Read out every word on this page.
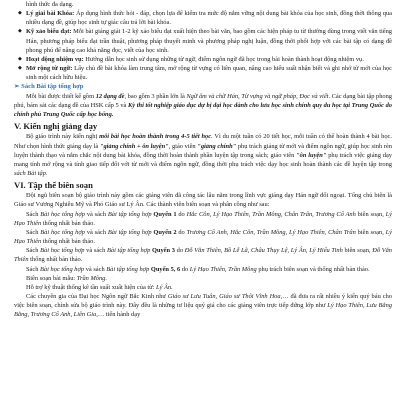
hình thức đa dạng.

◆ Lý giải bài Khóa: Áp dụng hình thức hỏi - đáp, chọn lựa để kiểm tra mức độ nắm vững nội dung bài khóa của học sinh, đồng thời thông qua nhiều dạng đề, giúp học sinh tự giác câu trả lời bài khóa.

◆ Kỹ xảo biểu đạt: Mỗi bài giảng giải 1-2 kỹ xảo biểu đạt xuất hiện theo bài văn, bao gồm các hiện pháp tu từ thường dùng trong viết văn tiếng Hán, phương pháp biểu đạt trần thuật, phương pháp thuyết minh và phương pháp nghị luận, đồng thời phối hợp với các bài tập có dạng đề phong phú để nâng cao khả năng đọc, viết của học sinh.

◆ Hoạt động nhiệm vụ: Hướng dẫn học sinh sử dụng những từ ngữ, điểm ngôn ngữ đã học trong bài hoàn thành hoạt động nhiệm vụ.

◆ Mở rộng từ ngữ: Lấy chủ đề bài khóa làm trung tâm, mở rộng từ vựng có liên quan, nâng cao hiểu suất nhận biết và ghi nhớ từ mới của học sinh một cách hữu hiệu.

➢ Sách Bài tập tổng hợp

Mỗi bài được thiết kế gồm 12 dạng đề, bao gồm 3 phần lớn là Ngữ âm và chữ Hán, Từ vựng và ngữ pháp, Đọc và viết. Các dạng bài tập phong phú, bám sát các dạng đề của HSK cấp 5 và Kỳ thi tốt nghiệp giáo dục dự bị đại học dành cho lưu học sinh chính quy du học tại Trung Quốc do chính phủ Trung Quốc cấp học bổng.

V. Kiến nghị giảng dạy

Bộ giáo trình này kiến nghị mỗi bài học hoàn thành trong 4-5 tiết học. Vì du một tuần có 20 tiết học, mỗi tuần có thể hoàn thành 4 bài học. Như chọn hình thức giảng dạy là "giảng chính + ôn luyện", giáo viên "giảng chính" phụ trách giảng từ mới và điểm ngôn ngữ, giúp học sinh rèn luyện thành thạo và nắm chắc nội dung bài khóa, đồng thời hoàn thành phần luyện tập trong sách; giáo viên "ôn luyện" phụ trách việc giảng dạy mang tính mở rộng và tính giao tiếp đối với từ mới và điểm ngôn ngữ, đồng thời phụ trách việc dạy học sinh hoàn thành các đề luyện tập trong sách Bài tập.

VI. Tập thể biên soạn

Đội ngũ biên soạn bộ giáo trình này gồm các giảng viên đã công tác lâu năm trong lĩnh vực giảng dạy Hán ngữ đối ngoại. Tổng chủ biên là Giáo sư Vương Nghiêu Mỹ và Phó Giáo sư Lý Ân. Các thành viên biên soạn và phân công như sau:

Sách Bài học tổng hợp và sách Bài tập tổng hợp Quyển 1 do Hắc Côn, Lý Hạo Thiên, Trần Mông, Chân Trân, Trương Cổ Anh biên soạn, Lý Hạo Thiên thống nhất bản thảo.

Sách Bài học tổng hợp và sách Bài tập tổng hợp Quyển 2 do Trương Cổ Anh, Hắc Côn, Trần Mông, Lý Hạo Thiên, Chân Trân biên soạn, Lý Hạo Thiên thống nhất bản thảo.

Sách Bài học tổng hợp và sách Bài tập tổng hợp Quyển 3 do Đỗ Văn Thiên, Bồ Lễ Lã, Châu Thụy Lệ, Lý Ân, Lý Hiểu Tinh biên soạn, Đỗ Văn Thiên thống nhất bản thảo.

Sách Bài học tổng hợp và sách Bài tập tổng hợp Quyển 5, 6 do Lý Hạo Thiên, Trần Mông phụ trách biên soạn và thống nhất bản thảo.

Biên soạn bài mẫu: Trần Mông.

Hỗ trợ kỹ thuật thống kê tần suất xuất hiện của từ: Lý Ân.

Các chuyên gia của Đại học Ngôn ngữ Bắc Kinh như Giáo sư Lưu Tuân, Giáo sư Thôi Vĩnh Hoa,… đã đưa ra rất nhiều ý kiến quý báu cho việc biên soạn, chỉnh sửa bộ giáo trình này. Đây đều là những tư liệu quý giá cho các giảng viên trực tiếp đứng lớp như Lý Hạo Thiên, Lưu Bằng Bằng, Trương Cổ Anh, Liên Gia,… tiến hành dạy
